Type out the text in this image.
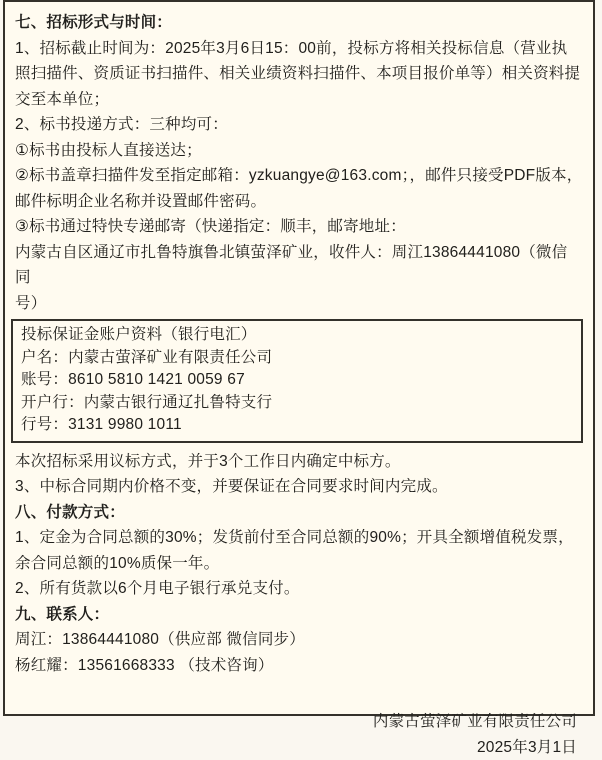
七、招标形式与时间：

1、招标截止时间为：2025年3月6日15：00前，投标方将相关投标信息（营业执照扫描件、资质证书扫描件、相关业绩资料扫描件、本项目报价单等）相关资料提交至本单位；

2、标书投递方式：三种均可：

①标书由投标人直接送达；

②标书盖章扫描件发至指定邮箱：yzkuangye@163.com；，邮件只接受PDF版本，邮件标明企业名称并设置邮件密码。

③标书通过特快专递邮寄（快递指定：顺丰，邮寄地址：

内蒙古自区通辽市扎鲁特旗鲁北镇萤泽矿业，收件人：周江13864441080（微信同

号）

投标保证金账户资料（银行电汇）

户名：内蒙古萤泽矿业有限责任公司

账号：8610 5810 1421 0059 67

开户行：内蒙古银行通辽扎鲁特支行

行号：3131 9980 1011

本次招标采用议标方式，并于3个工作日内确定中标方。

3、中标合同期内价格不变，并要保证在合同要求时间内完成。

八、付款方式：

1、定金为合同总额的30%；发货前付至合同总额的90%；开具全额增值税发票，余合同总额的10%质保一年。

2、所有货款以6个月电子银行承兑支付。

九、联系人：

周江：13864441080（供应部 微信同步）

杨红耀：13561668333 （技术咨询）

内蒙古萤泽矿业有限责任公司

2025年3月1日
